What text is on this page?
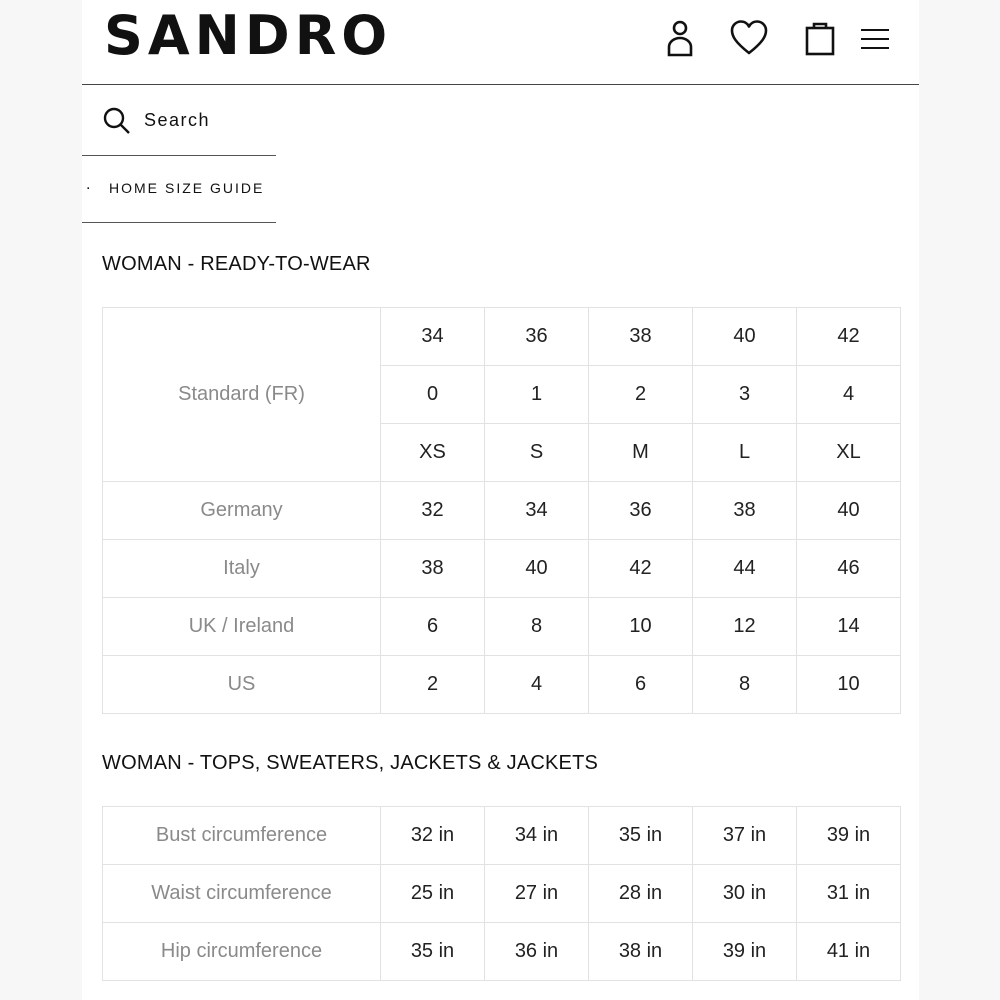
SANDRO
Search
. HOME SIZE GUIDE
WOMAN - READY-TO-WEAR
Standard (FR)	34	36	38	40	42
	0	1	2	3	4
	XS	S	M	L	XL
Germany	32	34	36	38	40
Italy	38	40	42	44	46
UK / Ireland	6	8	10	12	14
US	2	4	6	8	10
WOMAN - TOPS, SWEATERS, JACKETS & JACKETS
Bust circumference	32 in	34 in	35 in	37 in	39 in
Waist circumference	25 in	27 in	28 in	30 in	31 in
Hip circumference	35 in	36 in	38 in	39 in	41 in
